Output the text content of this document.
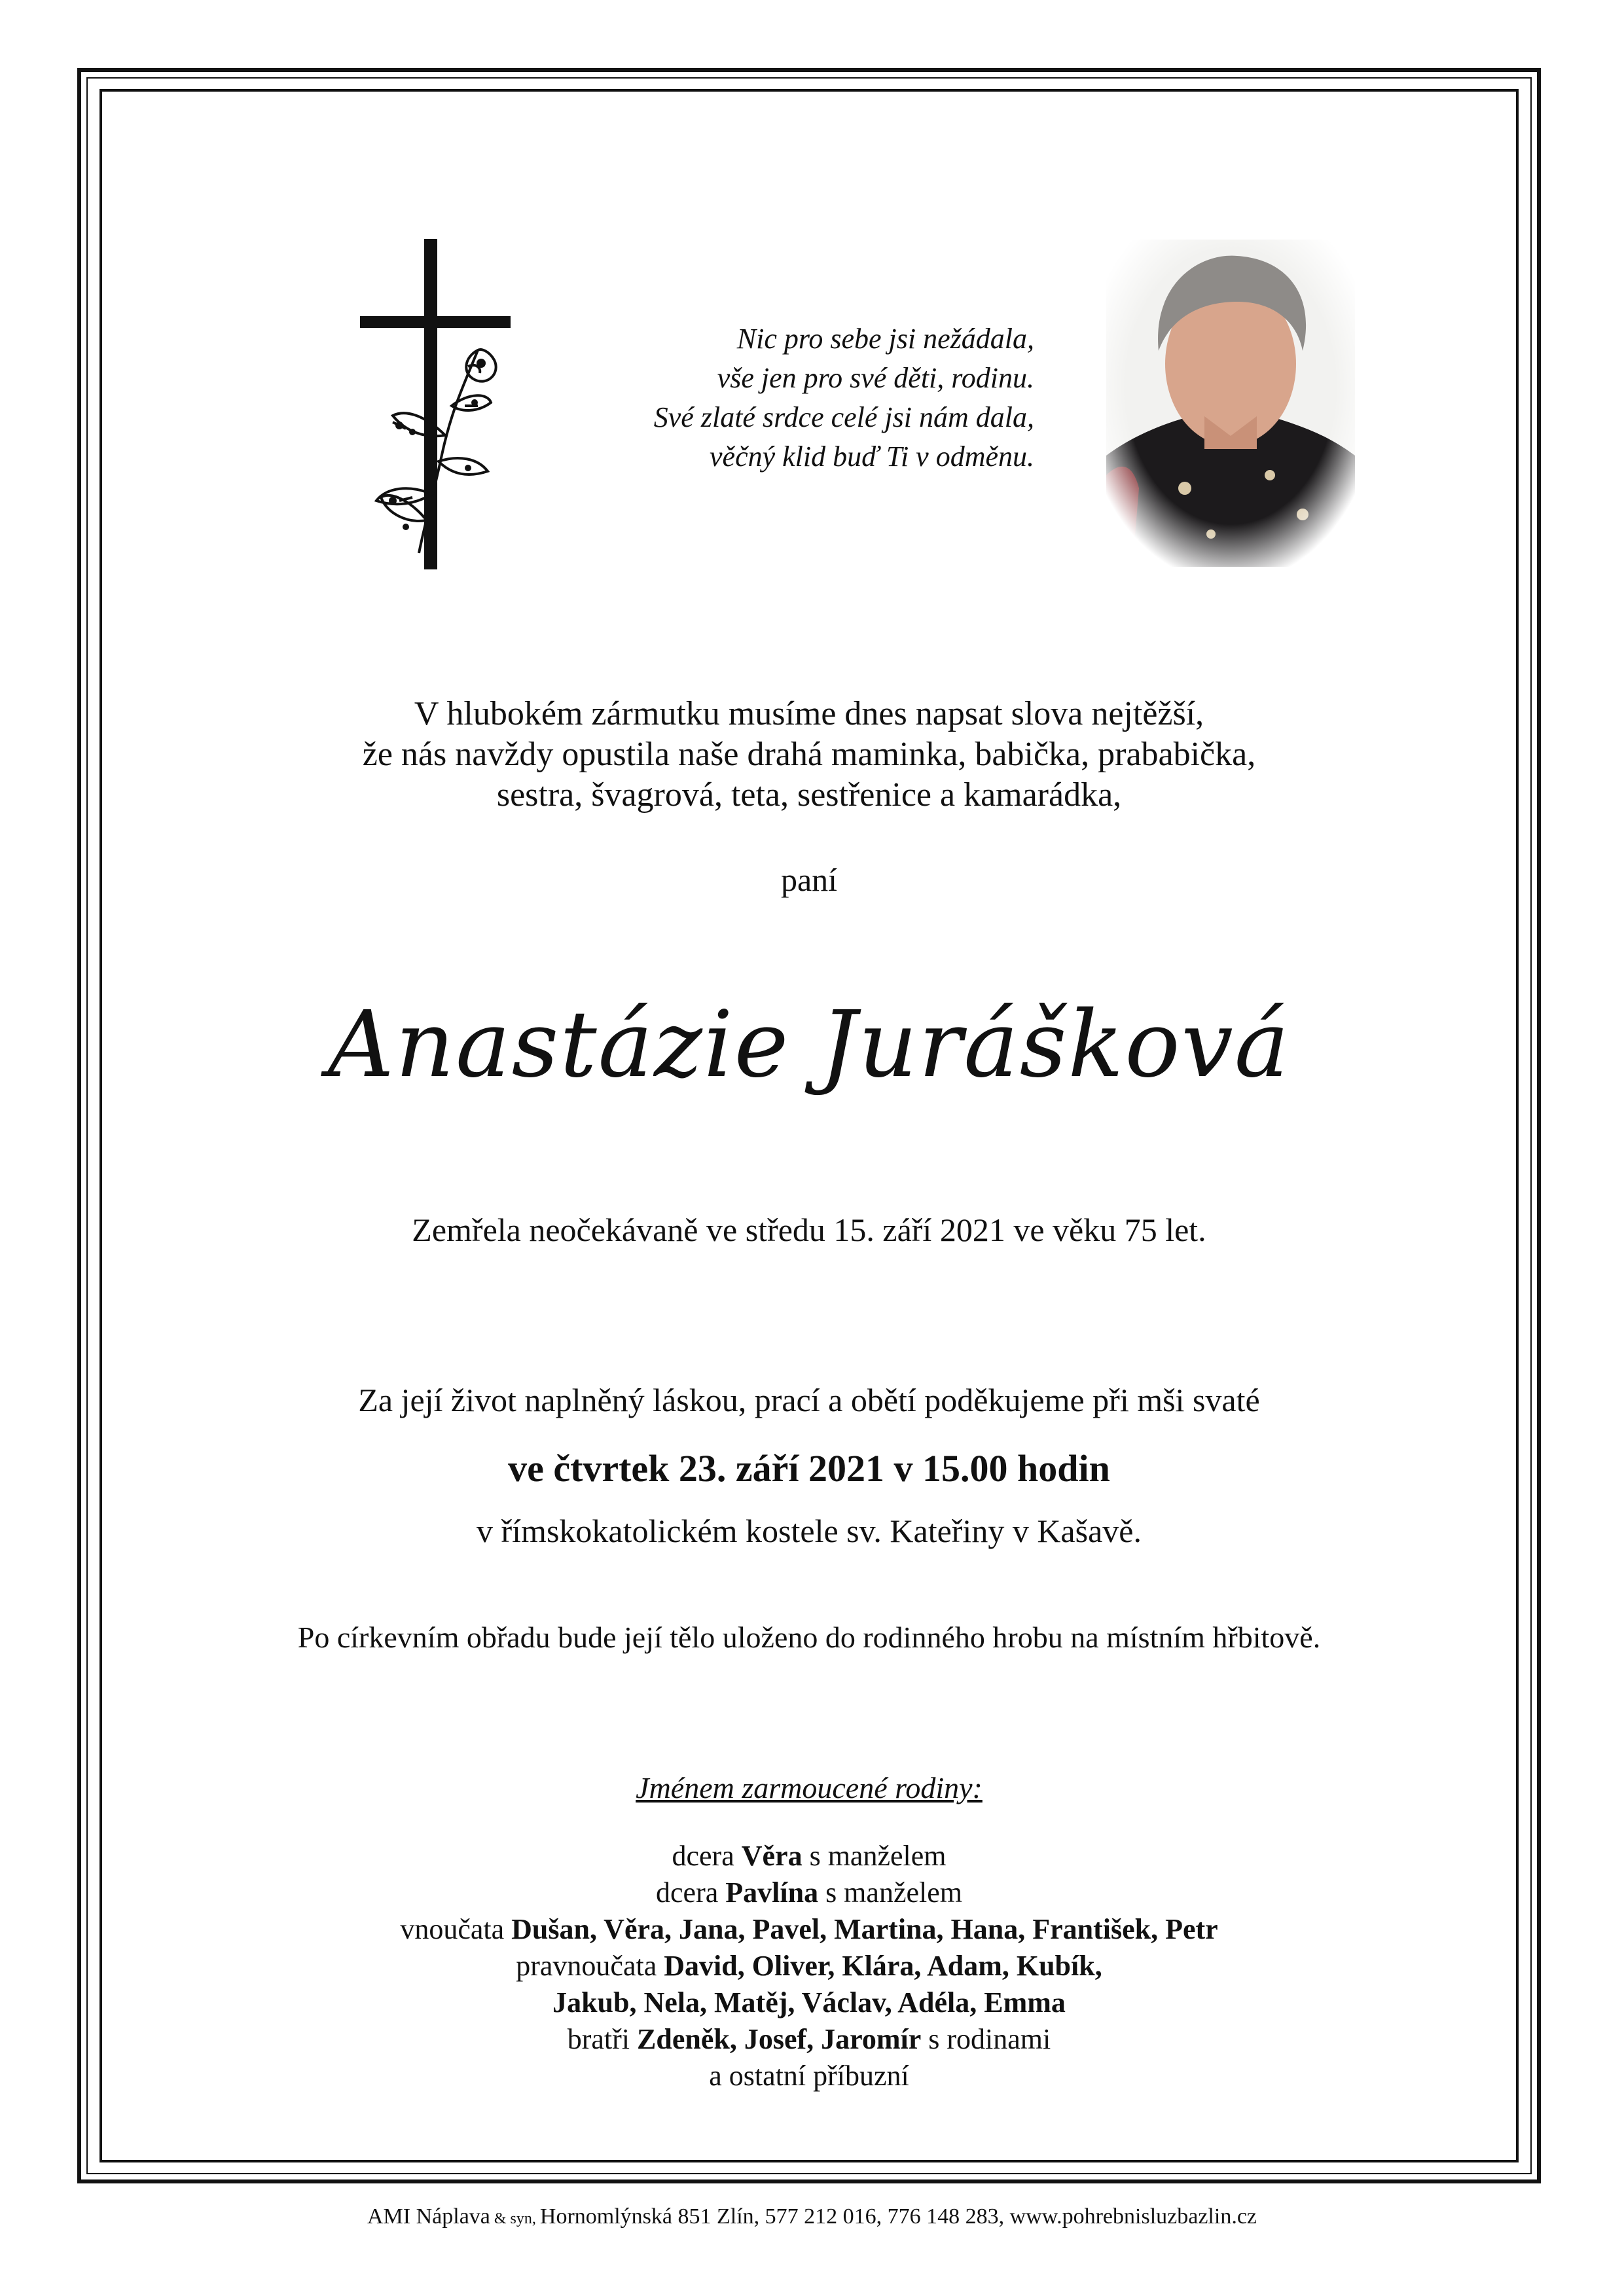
Nic pro sebe jsi nežádala,
vše jen pro své děti, rodinu.
Své zlaté srdce celé jsi nám dala,
věčný klid buď Ti v odměnu.
V hlubokém zármutku musíme dnes napsat slova nejtěžší,
že nás navždy opustila naše drahá maminka, babička, prababička,
sestra, švagrová, teta, sestřenice a kamarádka,
paní
Anastázie Jurášková
Zemřela neočekávaně ve středu 15. září 2021 ve věku 75 let.
Za její život naplněný láskou, prací a obětí poděkujeme při mši svaté
ve čtvrtek 23. září 2021 v 15.00 hodin
v římskokatolickém kostele sv. Kateřiny v Kašavě.
Po církevním obřadu bude její tělo uloženo do rodinného hrobu na místním hřbitově.
Jménem zarmoucené rodiny:
dcera Věra s manželem
dcera Pavlína s manželem
vnoučata Dušan, Věra, Jana, Pavel, Martina, Hana, František, Petr
pravnoučata David, Oliver, Klára, Adam, Kubík,
Jakub, Nela, Matěj, Václav, Adéla, Emma
bratři Zdeněk, Josef, Jaromír s rodinami
a ostatní příbuzní
AMI Náplava & syn, Hornomlýnská 851 Zlín, 577 212 016, 776 148 283, www.pohrebnisluzbazlin.cz
